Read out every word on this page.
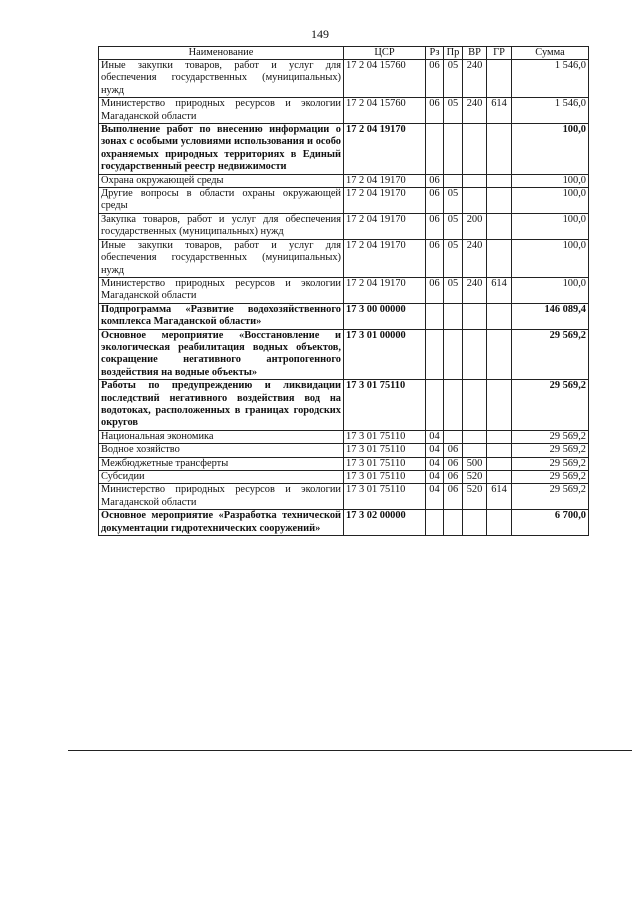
149
Наименование	ЦСР	Рз	Пр	ВР	ГР	Сумма
Иные закупки товаров, работ и услуг для обеспечения государственных (муниципальных) нужд	17 2 04 15760	06	05	240		1 546,0
Министерство природных ресурсов и экологии Магаданской области	17 2 04 15760	06	05	240	614	1 546,0
Выполнение работ по внесению информации о зонах с особыми условиями использования и особо охраняемых природных территориях в Единый государственный реестр недвижимости	17 2 04 19170					100,0
Охрана окружающей среды	17 2 04 19170	06				100,0
Другие вопросы в области охраны окружающей среды	17 2 04 19170	06	05			100,0
Закупка товаров, работ и услуг для обеспечения государственных (муниципальных) нужд	17 2 04 19170	06	05	200		100,0
Иные закупки товаров, работ и услуг для обеспечения государственных (муниципальных) нужд	17 2 04 19170	06	05	240		100,0
Министерство природных ресурсов и экологии Магаданской области	17 2 04 19170	06	05	240	614	100,0
Подпрограмма «Развитие водохозяйственного комплекса Магаданской области»	17 3 00 00000					146 089,4
Основное мероприятие «Восстановление и экологическая реабилитация водных объектов, сокращение негативного антропогенного воздействия на водные объекты»	17 3 01 00000					29 569,2
Работы по предупреждению и ликвидации последствий негативного воздействия вод на водотоках, расположенных в границах городских округов	17 3 01 75110					29 569,2
Национальная экономика	17 3 01 75110	04				29 569,2
Водное хозяйство	17 3 01 75110	04	06			29 569,2
Межбюджетные трансферты	17 3 01 75110	04	06	500		29 569,2
Субсидии	17 3 01 75110	04	06	520		29 569,2
Министерство природных ресурсов и экологии Магаданской области	17 3 01 75110	04	06	520	614	29 569,2
Основное мероприятие «Разработка технической документации гидротехнических сооружений»	17 3 02 00000					6 700,0
